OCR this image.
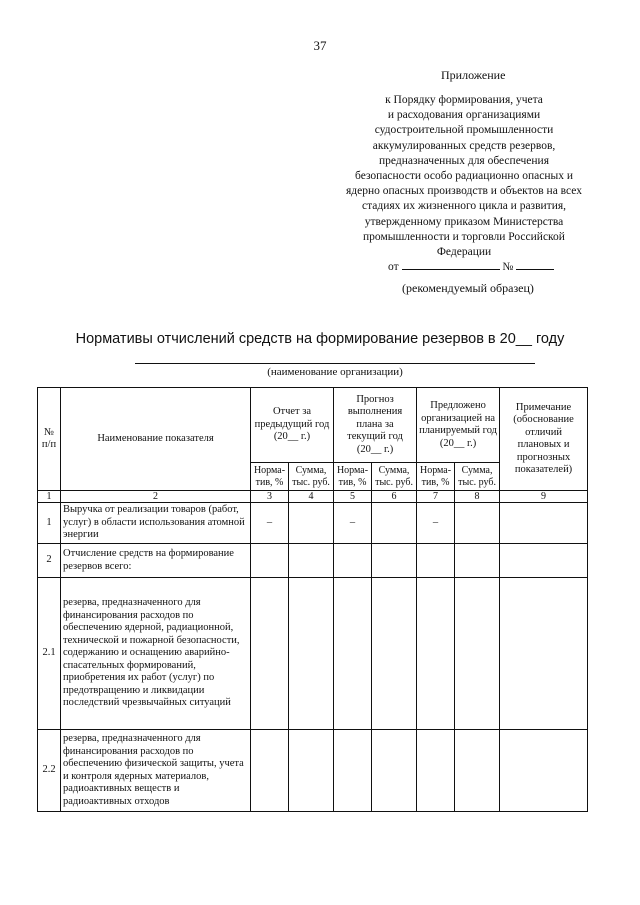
37
Приложение
к Порядку формирования, учета
и расходования организациями
судостроительной промышленности
аккумулированных средств резервов,
предназначенных для обеспечения
безопасности особо радиационно опасных и
ядерно опасных производств и объектов на всех
стадиях их жизненного цикла и развития,
утвержденному приказом Министерства
промышленности и торговли Российской
Федерации
от	№
(рекомендуемый образец)
Нормативы отчислений средств на формирование резервов в 20__ году
(наименование организации)
№ п/п	Наименование показателя	Отчет за предыдущий год (20__ г.)		Прогноз выполнения плана за текущий год (20__ г.)		Предложено организацией на планируемый год (20__ г.)		Примечание (обоснование отличий плановых и прогнозных показателей)
		Норма-тив, %	Сумма, тыс. руб.	Норма-тив, %	Сумма, тыс. руб.	Норма-тив, %	Сумма, тыс. руб.	
1	2	3	4	5	6	7	8	9
1	Выручка от реализации товаров (работ, услуг) в области использования атомной энергии	–		–		–		
2	Отчисление средств на формирование резервов всего:							
2.1	резерва, предназначенного для финансирования расходов по обеспечению ядерной, радиационной, технической и пожарной безопасности, содержанию и оснащению аварийно-спасательных формирований, приобретения их работ (услуг) по предотвращению и ликвидации последствий чрезвычайных ситуаций							
2.2	резерва, предназначенного для финансирования расходов по обеспечению физической защиты, учета и контроля ядерных материалов, радиоактивных веществ и радиоактивных отходов							
